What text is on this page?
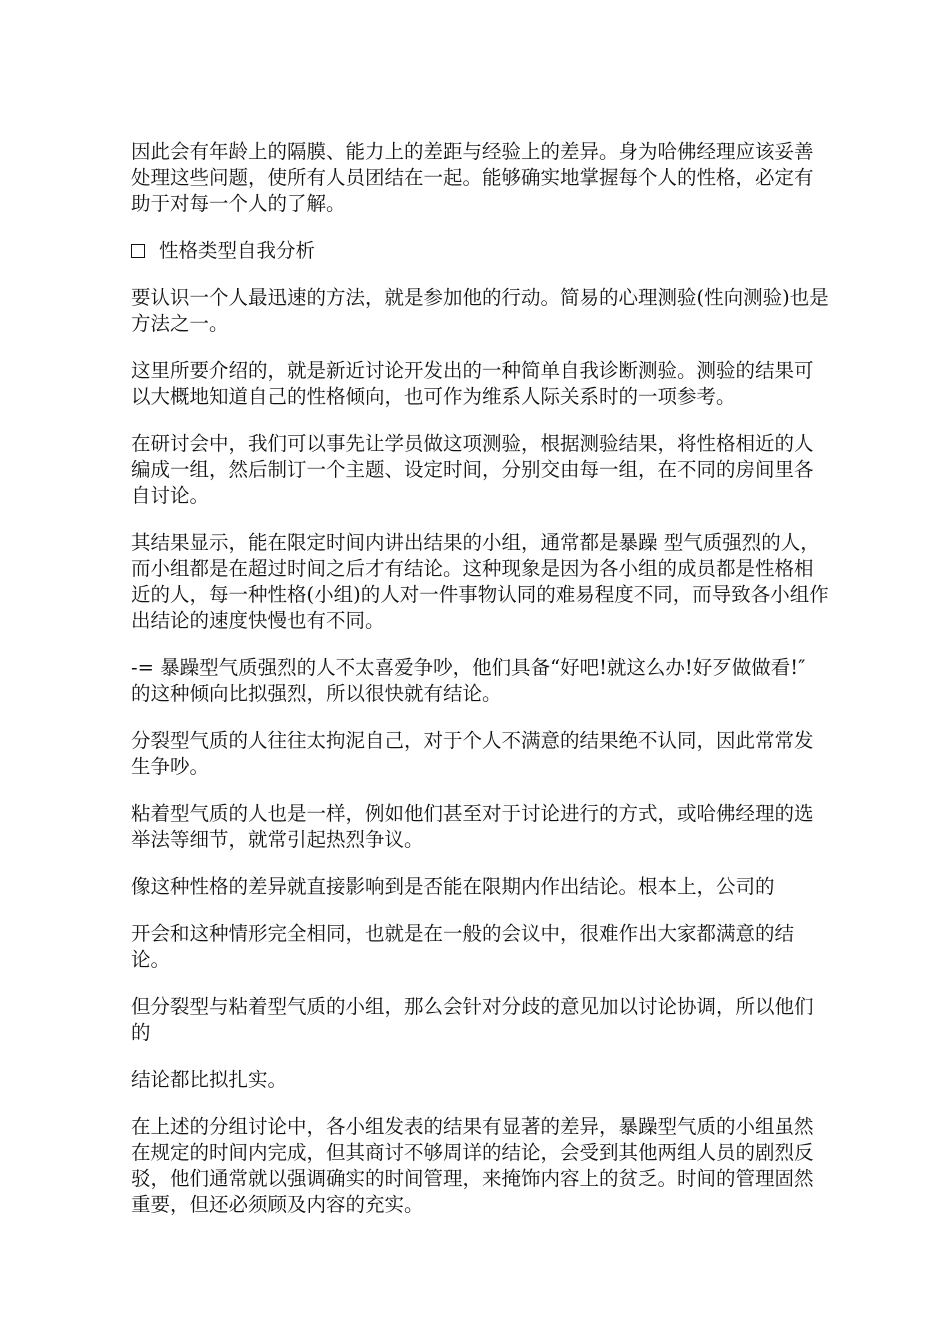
因此会有年龄上的隔膜、能力上的差距与经验上的差异。身为哈佛经理应该妥善处理这些问题，使所有人员团结在一起。能够确实地掌握每个人的性格，必定有助于对每一个人的了解。

性格类型自我分析

要认识一个人最迅速的方法，就是参加他的行动。简易的心理测验(性向测验)也是方法之一。

这里所要介绍的，就是新近讨论开发出的一种简单自我诊断测验。测验的结果可以大概地知道自己的性格倾向，也可作为维系人际关系时的一项参考。

在研讨会中，我们可以事先让学员做这项测验，根据测验结果，将性格相近的人编成一组，然后制订一个主题、设定时间，分别交由每一组，在不同的房间里各自讨论。

其结果显示，能在限定时间内讲出结果的小组，通常都是暴躁 型气质强烈的人，而小组都是在超过时间之后才有结论。这种现象是因为各小组的成员都是性格相近的人，每一种性格(小组)的人对一件事物认同的难易程度不同，而导致各小组作出结论的速度快慢也有不同。

-= 暴躁型气质强烈的人不太喜爱争吵，他们具备“好吧!就这么办!好歹做做看!″ 的这种倾向比拟强烈，所以很快就有结论。

分裂型气质的人往往太拘泥自己，对于个人不满意的结果绝不认同，因此常常发生争吵。

粘着型气质的人也是一样，例如他们甚至对于讨论进行的方式，或哈佛经理的选举法等细节，就常引起热烈争议。

像这种性格的差异就直接影响到是否能在限期内作出结论。根本上，公司的

开会和这种情形完全相同，也就是在一般的会议中，很难作出大家都满意的结论。

但分裂型与粘着型气质的小组，那么会针对分歧的意见加以讨论协调，所以他们的

结论都比拟扎实。

在上述的分组讨论中，各小组发表的结果有显著的差异，暴躁型气质的小组虽然在规定的时间内完成，但其商讨不够周详的结论，会受到其他两组人员的剧烈反驳，他们通常就以强调确实的时间管理，来掩饰内容上的贫乏。时间的管理固然重要，但还必须顾及内容的充实。
